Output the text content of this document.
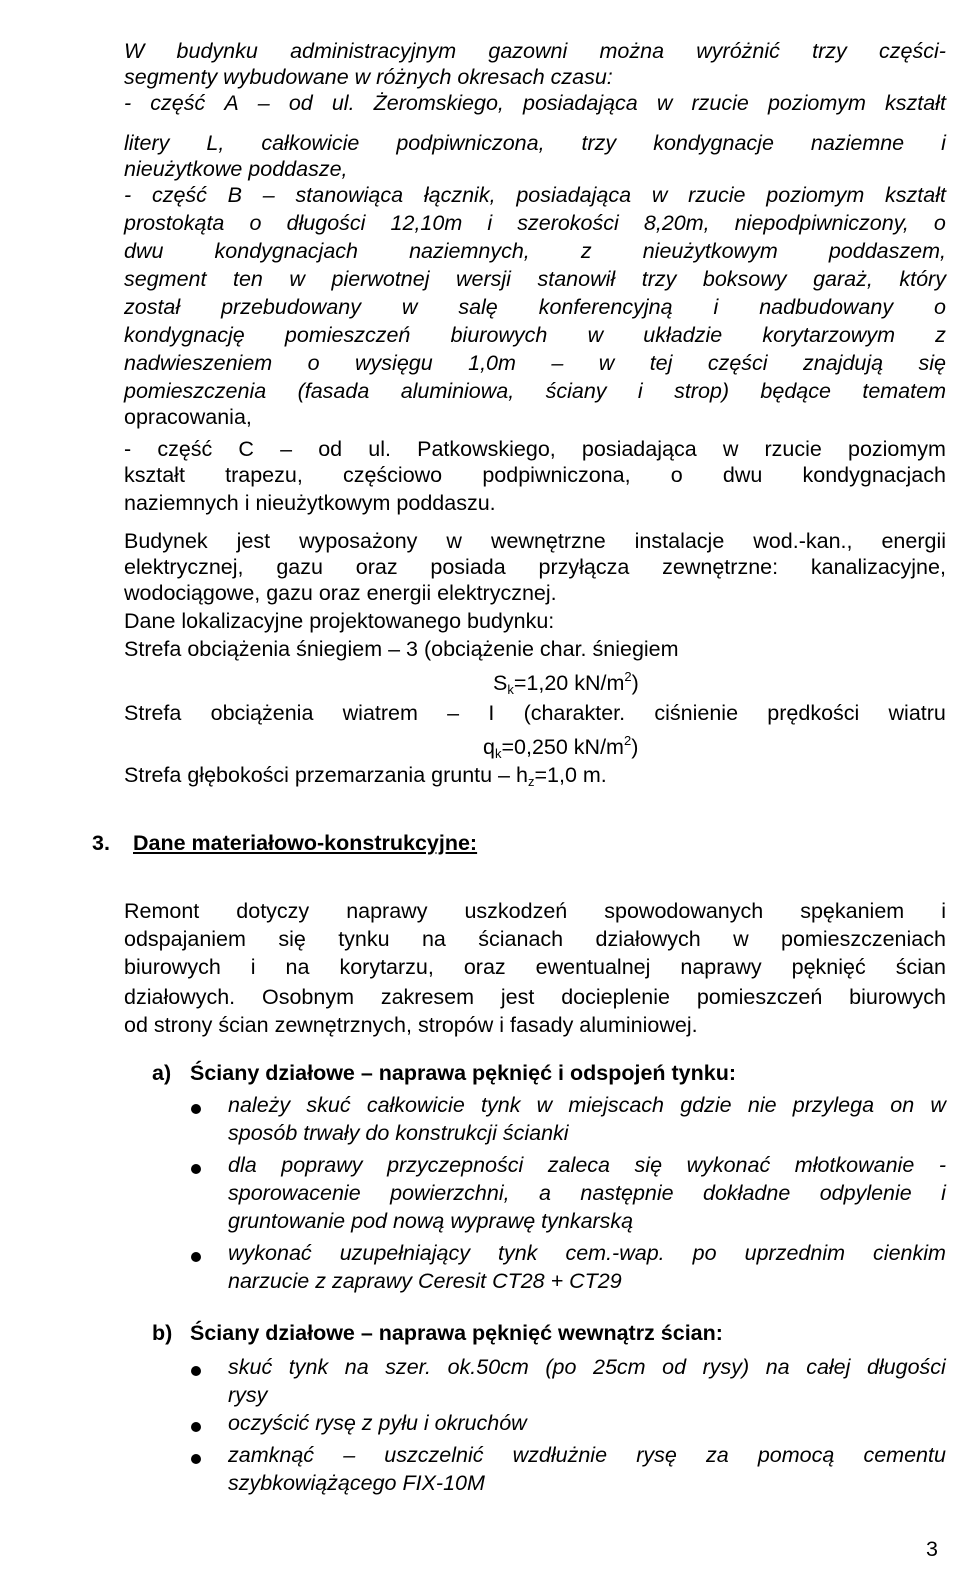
W budynku administracyjnym gazowni można wyróżnić trzy części-
segmenty wybudowane w różnych okresach czasu:
- część A – od ul. Żeromskiego, posiadająca w rzucie poziomym kształt
litery L, całkowicie podpiwniczona, trzy kondygnacje naziemne i
nieużytkowe poddasze,
- część B – stanowiąca łącznik, posiadająca w rzucie poziomym kształt
prostokąta o długości 12,10m i szerokości 8,20m, niepodpiwniczony, o
dwu kondygnacjach naziemnych, z nieużytkowym poddaszem,
segment ten w pierwotnej wersji stanowił trzy boksowy garaż, który
został przebudowany w salę konferencyjną i nadbudowany o
kondygnację pomieszczeń biurowych w układzie korytarzowym z
nadwieszeniem o wysięgu 1,0m – w tej części znajdują się
pomieszczenia (fasada aluminiowa, ściany i strop) będące tematem
opracowania,
- część C – od ul. Patkowskiego, posiadająca w rzucie poziomym
kształt trapezu, częściowo podpiwniczona, o dwu kondygnacjach
naziemnych i nieużytkowym poddaszu.
Budynek jest wyposażony w wewnętrzne instalacje wod.-kan., energii
elektrycznej, gazu oraz posiada przyłącza zewnętrzne: kanalizacyjne,
wodociągowe, gazu oraz energii elektrycznej.
Dane lokalizacyjne projektowanego budynku:
Strefa obciążenia śniegiem – 3 (obciążenie char. śniegiem
$S_k=1,20$ $kN/m^2$)
Strefa obciążenia wiatrem – I (charakter. ciśnienie prędkości wiatru
$q_k=0,250$ $kN/m^2$)
Strefa głębokości przemarzania gruntu – $h_z=1,0$ m.
3. Dane materiałowo-konstrukcyjne:
Remont dotyczy naprawy uszkodzeń spowodowanych spękaniem i
odspajaniem się tynku na ścianach działowych w pomieszczeniach
biurowych i na korytarzu, oraz ewentualnej naprawy pęknięć ścian
działowych. Osobnym zakresem jest docieplenie pomieszczeń biurowych
od strony ścian zewnętrznych, stropów i fasady aluminiowej.
a) Ściany działowe – naprawa pęknięć i odspojeń tynku:
należy skuć całkowicie tynk w miejscach gdzie nie przylega on w
sposób trwały do konstrukcji ścianki
dla poprawy przyczepności zaleca się wykonać młotkowanie -
sporowacenie powierzchni, a następnie dokładne odpylenie i
gruntowanie pod nową wyprawę tynkarską
wykonać uzupełniający tynk cem.-wap. po uprzednim cienkim
narzucie z zaprawy Ceresit CT28 + CT29
b) Ściany działowe – naprawa pęknięć wewnątrz ścian:
skuć tynk na szer. ok.50cm (po 25cm od rysy) na całej długości
rysy
oczyścić rysę z pyłu i okruchów
zamknąć – uszczelnić wzdłużnie rysę za pomocą cementu
szybkowiążącego FIX-10M
3
